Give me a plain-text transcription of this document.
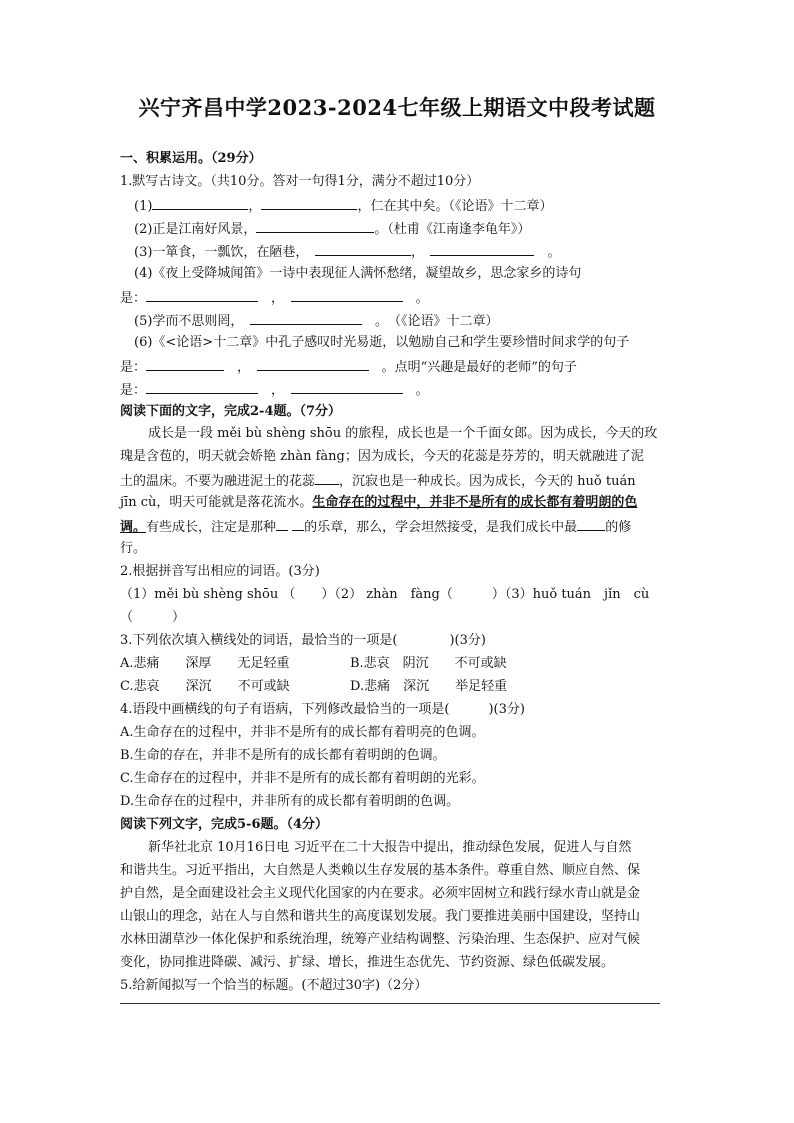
兴宁齐昌中学2023-2024七年级上期语文中段考试题
一、积累运用。（29分）
1.默写古诗文。（共10分。答对一句得1分，满分不超过10分）
(1)	，	，仁在其中矣。（《论语》十二章）
(2)正是江南好风景，	。（杜甫《江南逢李龟年》）
(3)一箪食，一瓢饮，在陋巷，　	，　　	。
(4)《夜上受降城闻笛》一诗中表现征人满怀愁绪，凝望故乡，思念家乡的诗句
是：　	，　　	。
(5)学而不思则罔，　　	。　（《论语》十二章）
(6)《<论语>十二章》中孔子感叹时光易逝，以勉励自己和学生要珍惜时间求学的句子
是：　	，　　	。点明“兴趣是最好的老师”的句子
是：　	，　　	。
阅读下面的文字，完成2-4题。（7分）
成长是一段 měi bù shèng shōu 的旅程，成长也是一个千面女郎。因为成长，今天的玫
瑰是含苞的，明天就会娇艳 zhàn fàng；因为成长，今天的花蕊是芬芳的，明天就融进了泥
土的温床。不要为融进泥土的花蕊 ，沉寂也是一种成长。因为成长，今天的 huǒ tuán
jīn cù，明天可能就是落花流水。生命存在的过程中，并非不是所有的成长都有着明朗的色
调。有些成长，注定是那种 的乐章，那么，学会坦然接受，是我们成长中最 的修
行。
2.根据拼音写出相应的词语。(3分)
（1）měi bù shèng shōu （　　）（2） zhàn　fàng（　　　）（3）huǒ tuán　jǐn　cù
（　　　）
3.下列依次填入横线处的词语，最恰当的一项是(　　　　)(3分)
A.悲痛　　深厚　　无足轻重	B.悲哀　阴沉　　不可或缺
C.悲哀　　深沉　　不可或缺	D.悲痛　深沉　　举足轻重
4.语段中画横线的句子有语病，下列修改最恰当的一项是(　　　)(3分)
A.生命存在的过程中，并非不是所有的成长都有着明亮的色调。
B.生命的存在，并非不是所有的成长都有着明朗的色调。
C.生命存在的过程中，并非不是所有的成长都有着明朗的光彩。
D.生命存在的过程中，并非所有的成长都有着明朗的色调。
阅读下列文字，完成5-6题。（4分）
新华社北京 10月16日电 习近平在二十大报告中提出，推动绿色发展，促进人与自然
和谐共生。习近平指出，大自然是人类赖以生存发展的基本条件。尊重自然、顺应自然、保
护自然，是全面建设社会主义现代化国家的内在要求。必须牢固树立和践行绿水青山就是金
山银山的理念，站在人与自然和谐共生的高度谋划发展。我门要推进美丽中国建设，坚持山
水林田湖草沙一体化保护和系统治理，统筹产业结构调整、污染治理、生态保护、应对气候
变化，协同推进降碳、减污、扩绿、增长，推进生态优先、节约资源、绿色低碳发展。
5.给新闻拟写一个恰当的标题。(不超过30字)（2分）
